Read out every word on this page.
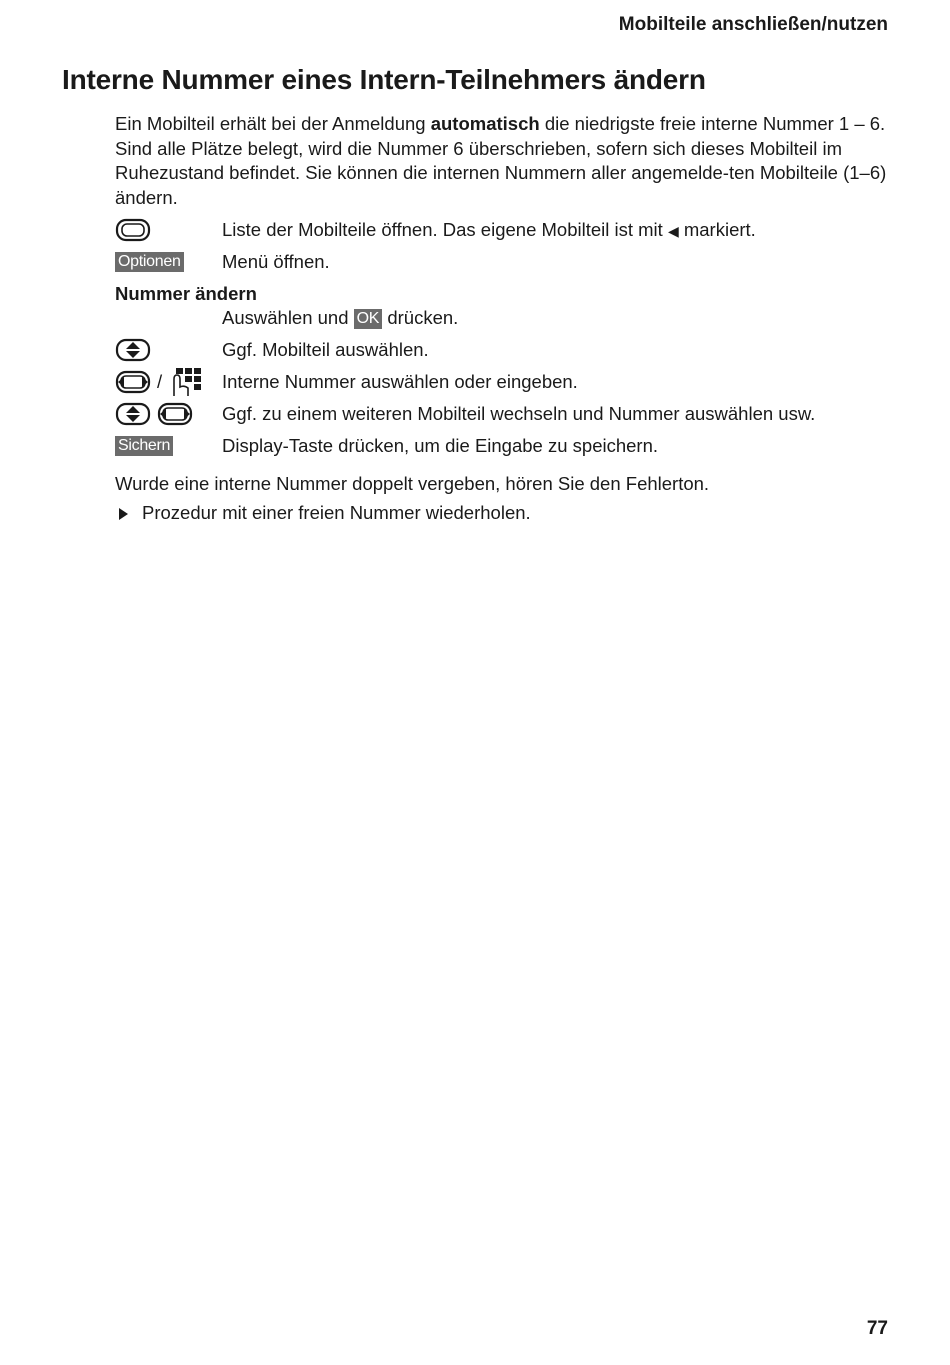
Mobilteile anschließen/nutzen
Interne Nummer eines Intern-Teilnehmers ändern

Ein Mobilteil erhält bei der Anmeldung automatisch die niedrigste freie interne Nummer 1 – 6. Sind alle Plätze belegt, wird die Nummer 6 überschrieben, sofern sich dieses Mobilteil im Ruhezustand befindet. Sie können die internen Nummern aller angemelde-ten Mobilteile (1–6) ändern.

Liste der Mobilteile öffnen. Das eigene Mobilteil ist mit ◀ markiert.
Optionen Menü öffnen.
Nummer ändern
Auswählen und OK drücken.
Ggf. Mobilteil auswählen.
/	Interne Nummer auswählen oder eingeben.
Ggf. zu einem weiteren Mobilteil wechseln und Nummer auswählen usw.
Sichern	Display-Taste drücken, um die Eingabe zu speichern.
Wurde eine interne Nummer doppelt vergeben, hören Sie den Fehlerton.
Prozedur mit einer freien Nummer wiederholen.
77
